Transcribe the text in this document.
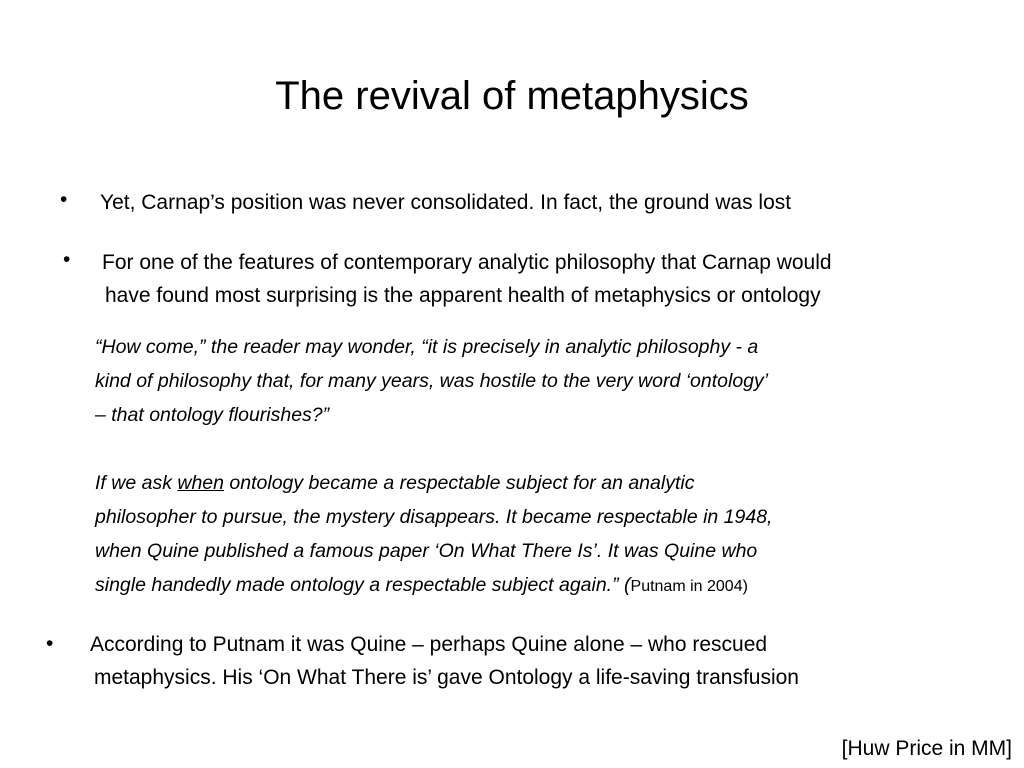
The revival of metaphysics
• Yet, Carnap’s position was never consolidated. In fact, the ground was lost
• For one of the features of contemporary analytic philosophy that Carnap would
have found most surprising is the apparent health of metaphysics or ontology

“How come,” the reader may wonder, “it is precisely in analytic philosophy - a

kind of philosophy that, for many years, was hostile to the very word ‘ontology’

– that ontology flourishes?”

If we ask when ontology became a respectable subject for an analytic

philosopher to pursue, the mystery disappears. It became respectable in 1948,

when Quine published a famous paper ‘On What There Is’. It was Quine who

single handedly made ontology a respectable subject again.” (Putnam in 2004)

• According to Putnam it was Quine – perhaps Quine alone – who rescued
metaphysics. His ‘On What There is’ gave Ontology a life-saving transfusion
[Huw Price in MM]
